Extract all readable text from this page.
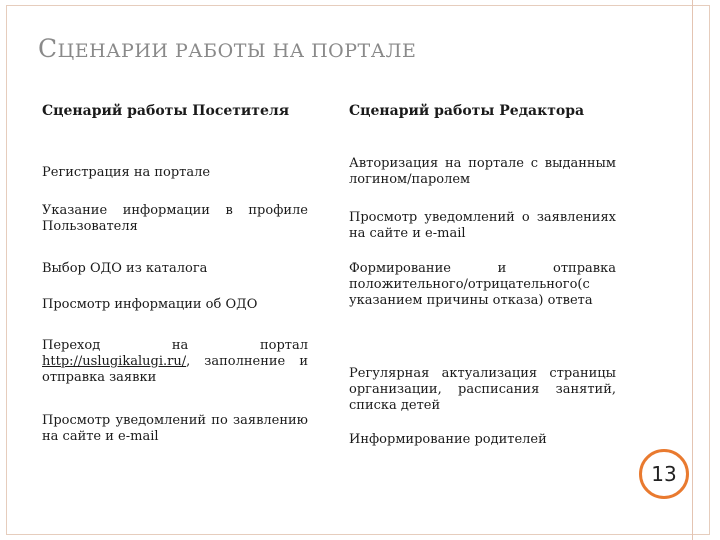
СЦЕНАРИИ РАБОТЫ НА ПОРТАЛЕ
Сценарий работы Посетителя	Сценарий работы Редактора
Регистрация на портале
Указание информации в профиле Пользователя
Выбор ОДО из каталога
Просмотр информации об ОДО
Переход на портал http://uslugikalugi.ru/, заполнение и отправка заявки
Просмотр уведомлений по заявлению на сайте и e-mail
Авторизация на портале с выданным логином/паролем
Просмотр уведомлений о заявлениях на сайте и e-mail
Формирование и отправка положительного/отрицательного(с указанием причины отказа) ответа
Регулярная актуализация страницы организации, расписания занятий, списка детей
Информирование родителей
13
